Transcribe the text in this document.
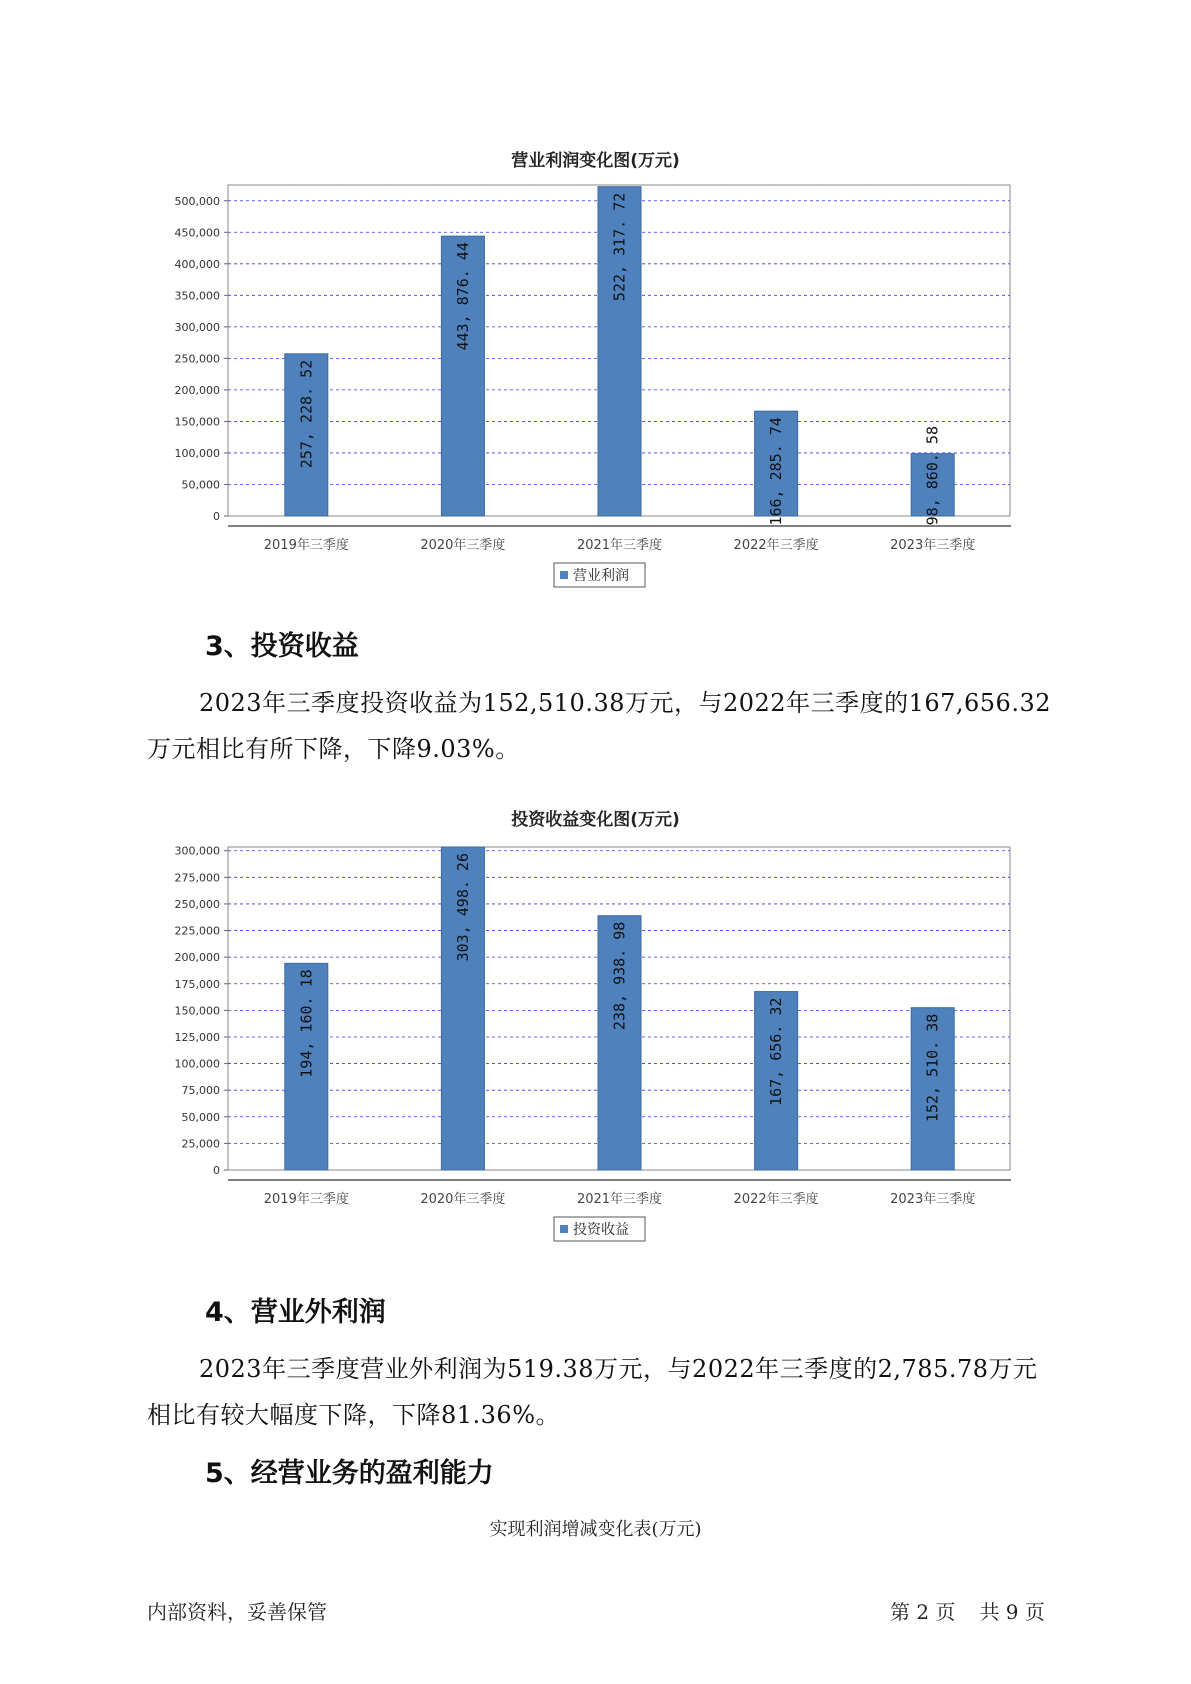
营业利润变化图(万元)
0
50,000
100,000
150,000
200,000
250,000
300,000
350,000
400,000
450,000
500,000
257, 228. 52
2019年三季度
443, 876. 44
2020年三季度
522, 317. 72
2021年三季度
166, 285. 74
2022年三季度
98, 860. 58
2023年三季度
营业利润
3、投资收益
2023年三季度投资收益为152,510.38万元，与2022年三季度的167,656.32万元相比有所下降，下降9.03%。
投资收益变化图(万元)
0
25,000
50,000
75,000
100,000
125,000
150,000
175,000
200,000
225,000
250,000
275,000
300,000
194, 160. 18
2019年三季度
303, 498. 26
2020年三季度
238, 938. 98
2021年三季度
167, 656. 32
2022年三季度
152, 510. 38
2023年三季度
投资收益
4、营业外利润
2023年三季度营业外利润为519.38万元，与2022年三季度的2,785.78万元相比有较大幅度下降，下降81.36%。
5、经营业务的盈利能力
实现利润增减变化表(万元)
内部资料，妥善保管	第 2 页 共 9 页
